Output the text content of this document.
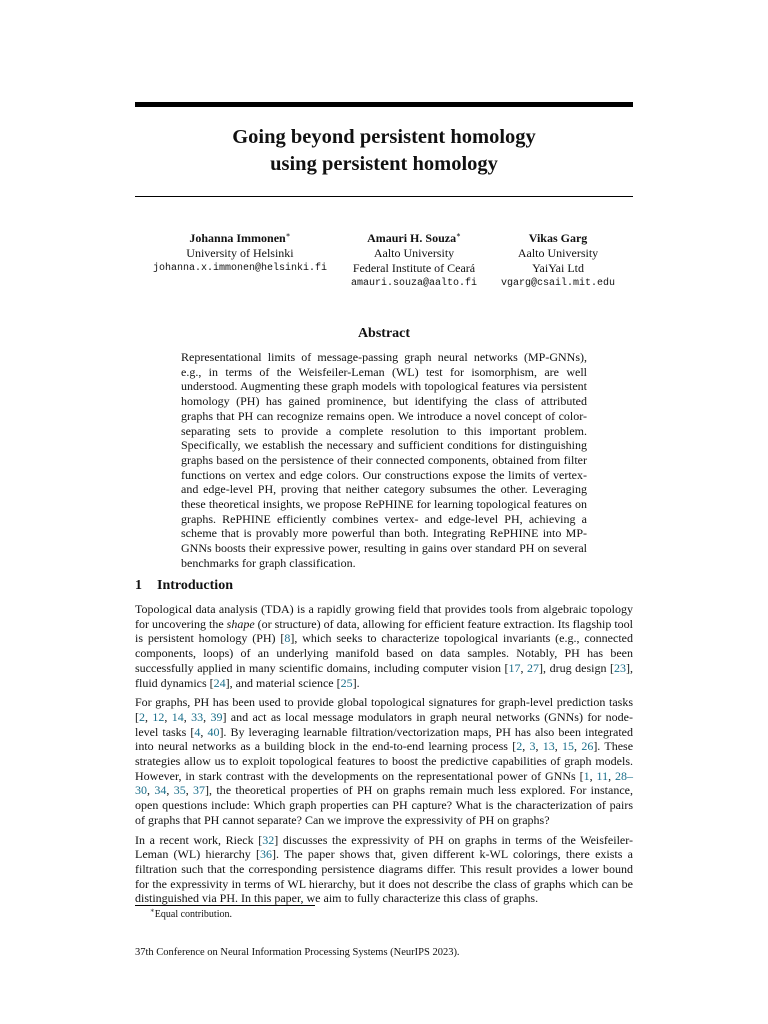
Going beyond persistent homology
using persistent homology
Johanna Immonen∗
University of Helsinki
johanna.x.immonen@helsinki.fi
Amauri H. Souza∗
Aalto University
Federal Institute of Ceará
amauri.souza@aalto.fi
Vikas Garg
Aalto University
YaiYai Ltd
vgarg@csail.mit.edu
Abstract

Representational limits of message-passing graph neural networks (MP-GNNs), e.g., in terms of the Weisfeiler-Leman (WL) test for isomorphism, are well understood. Augmenting these graph models with topological features via persistent homology (PH) has gained prominence, but identifying the class of attributed graphs that PH can recognize remains open. We introduce a novel concept of color-separating sets to provide a complete resolution to this important problem. Specifically, we establish the necessary and sufficient conditions for distinguishing graphs based on the persistence of their connected components, obtained from filter functions on vertex and edge colors. Our constructions expose the limits of vertex- and edge-level PH, proving that neither category subsumes the other. Leveraging these theoretical insights, we propose RePHINE for learning topological features on graphs. RePHINE efficiently combines vertex- and edge-level PH, achieving a scheme that is provably more powerful than both. Integrating RePHINE into MP-GNNs boosts their expressive power, resulting in gains over standard PH on several benchmarks for graph classification.

1 Introduction

Topological data analysis (TDA) is a rapidly growing field that provides tools from algebraic topology for uncovering the shape (or structure) of data, allowing for efficient feature extraction. Its flagship tool is persistent homology (PH) [8], which seeks to characterize topological invariants (e.g., connected components, loops) of an underlying manifold based on data samples. Notably, PH has been successfully applied in many scientific domains, including computer vision [17, 27], drug design [23], fluid dynamics [24], and material science [25].

For graphs, PH has been used to provide global topological signatures for graph-level prediction tasks [2, 12, 14, 33, 39] and act as local message modulators in graph neural networks (GNNs) for node-level tasks [4, 40]. By leveraging learnable filtration/vectorization maps, PH has also been integrated into neural networks as a building block in the end-to-end learning process [2, 3, 13, 15, 26]. These strategies allow us to exploit topological features to boost the predictive capabilities of graph models. However, in stark contrast with the developments on the representational power of GNNs [1, 11, 28–30, 34, 35, 37], the theoretical properties of PH on graphs remain much less explored. For instance, open questions include: Which graph properties can PH capture? What is the characterization of pairs of graphs that PH cannot separate? Can we improve the expressivity of PH on graphs?

In a recent work, Rieck [32] discusses the expressivity of PH on graphs in terms of the Weisfeiler-Leman (WL) hierarchy [36]. The paper shows that, given different k-WL colorings, there exists a filtration such that the corresponding persistence diagrams differ. This result provides a lower bound for the expressivity in terms of WL hierarchy, but it does not describe the class of graphs which can be distinguished via PH. In this paper, we aim to fully characterize this class of graphs.

∗Equal contribution.
37th Conference on Neural Information Processing Systems (NeurIPS 2023).
